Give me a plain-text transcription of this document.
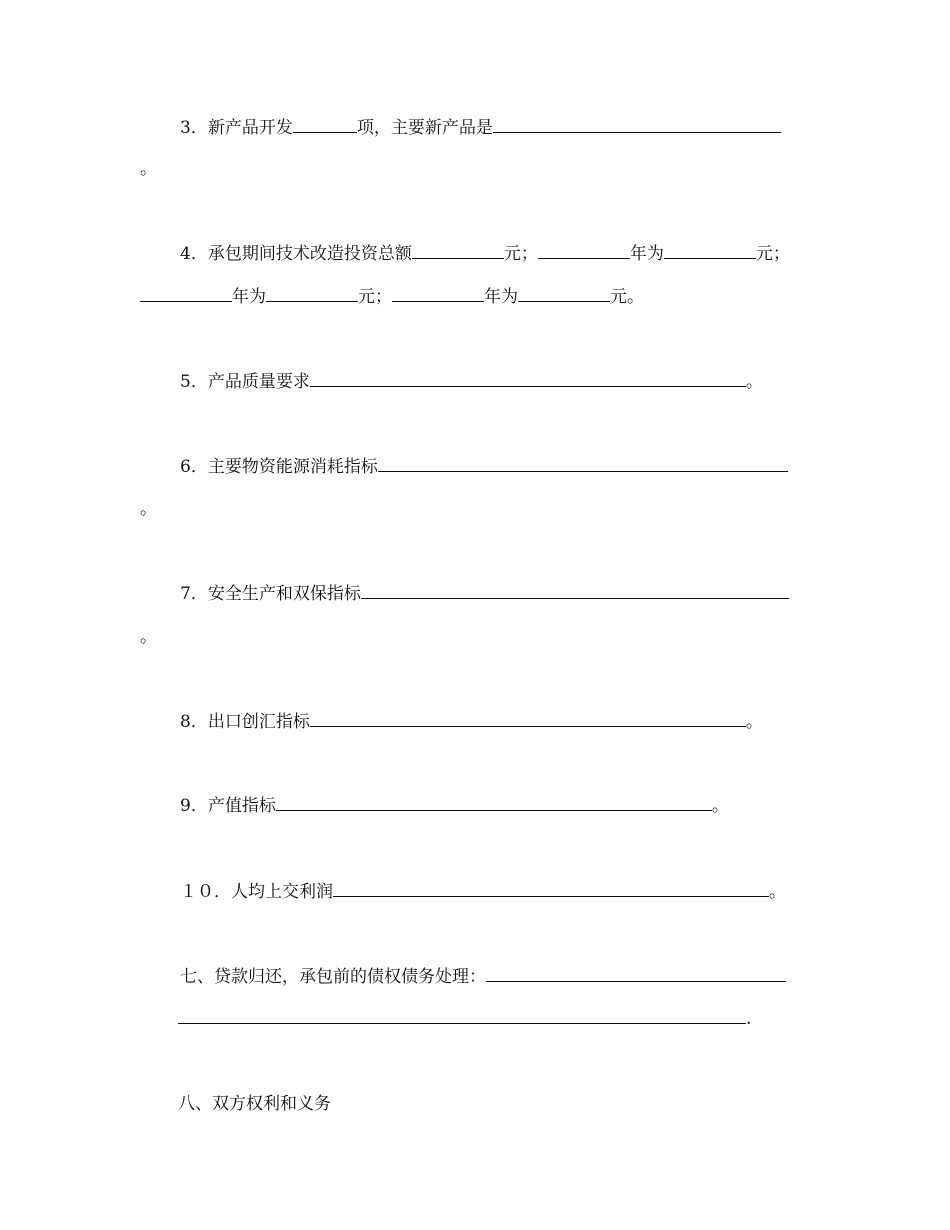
3． 新产品开发	项，主要新产品是
。
4． 承包期间技术改造投资总额	元；	年为	元；
年为	元；	年为	元。
5． 产品质量要求	。
6． 主要物资能源消耗指标
。
7． 安全生产和双保指标
。
8． 出口创汇指标	。
9． 产值指标	。
１０． 人均上交利润	。
七、贷款归还，承包前的债权债务处理：
.
八、双方权利和义务
